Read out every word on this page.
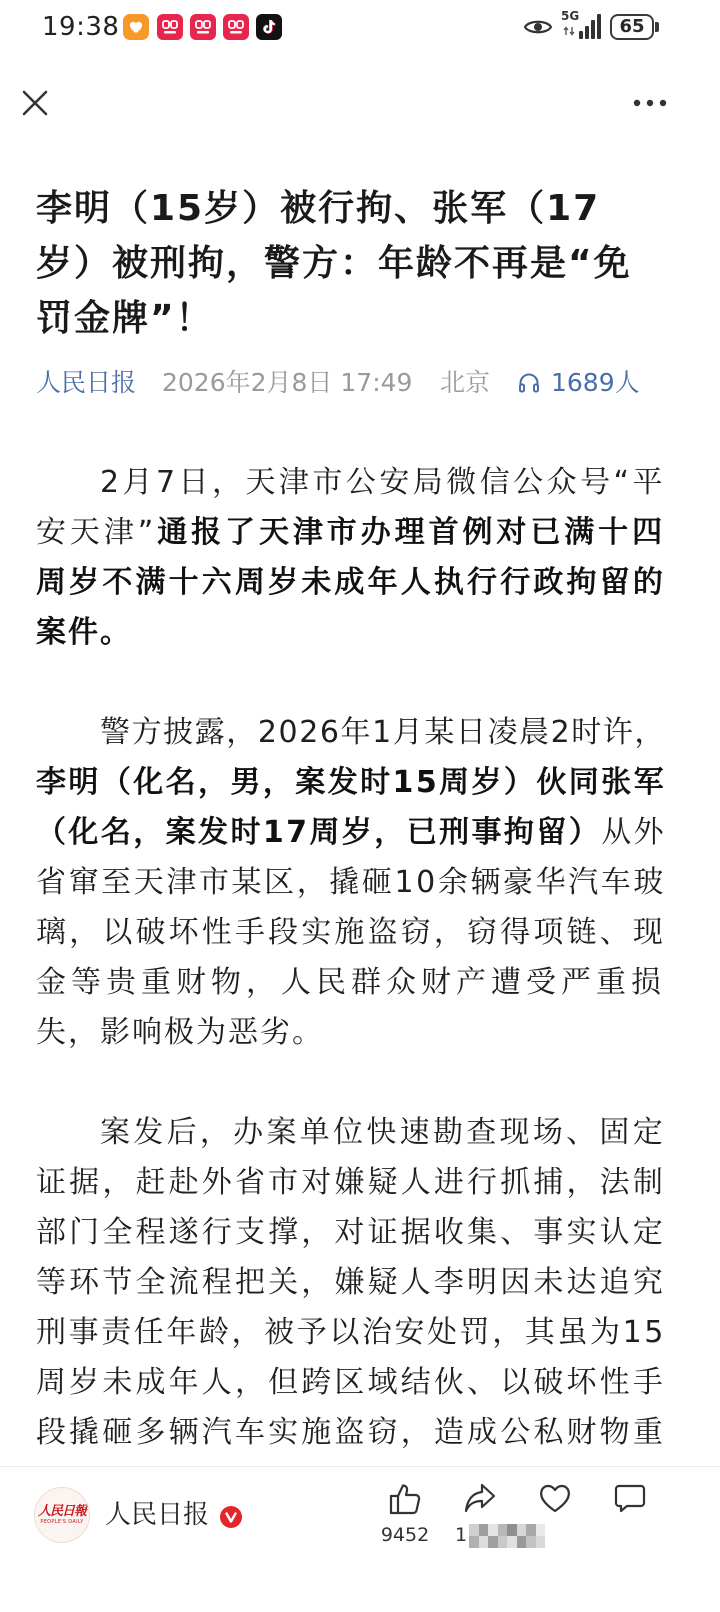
19:38	5G 65
李明（15岁）被行拘、张军（17
岁）被刑拘，警方：年龄不再是“免
罚金牌”！
人民日报 2026年2月8日 17:49 北京 1689人
2月7日，天津市公安局微信公众号“平
安天津”通报了天津市办理首例对已满十四
周岁不满十六周岁未成年人执行行政拘留的
案件。
警方披露，2026年1月某日凌晨2时许，
李明（化名，男，案发时15周岁）伙同张军
（化名，案发时17周岁，已刑事拘留）从外
省窜至天津市某区，撬砸10余辆豪华汽车玻
璃，以破坏性手段实施盗窃，窃得项链、现
金等贵重财物，人民群众财产遭受严重损
失，影响极为恶劣。
案发后，办案单位快速勘查现场、固定
证据，赶赴外省市对嫌疑人进行抓捕，法制
部门全程遂行支撑，对证据收集、事实认定
等环节全流程把关，嫌疑人李明因未达追究
刑事责任年龄，被予以治安处罚，其虽为15
周岁未成年人，但跨区域结伙、以破坏性手
段撬砸多辆汽车实施盗窃，造成公私财物重
人民日報
PEOPLE'S DAILY 人民日报
9452 1
